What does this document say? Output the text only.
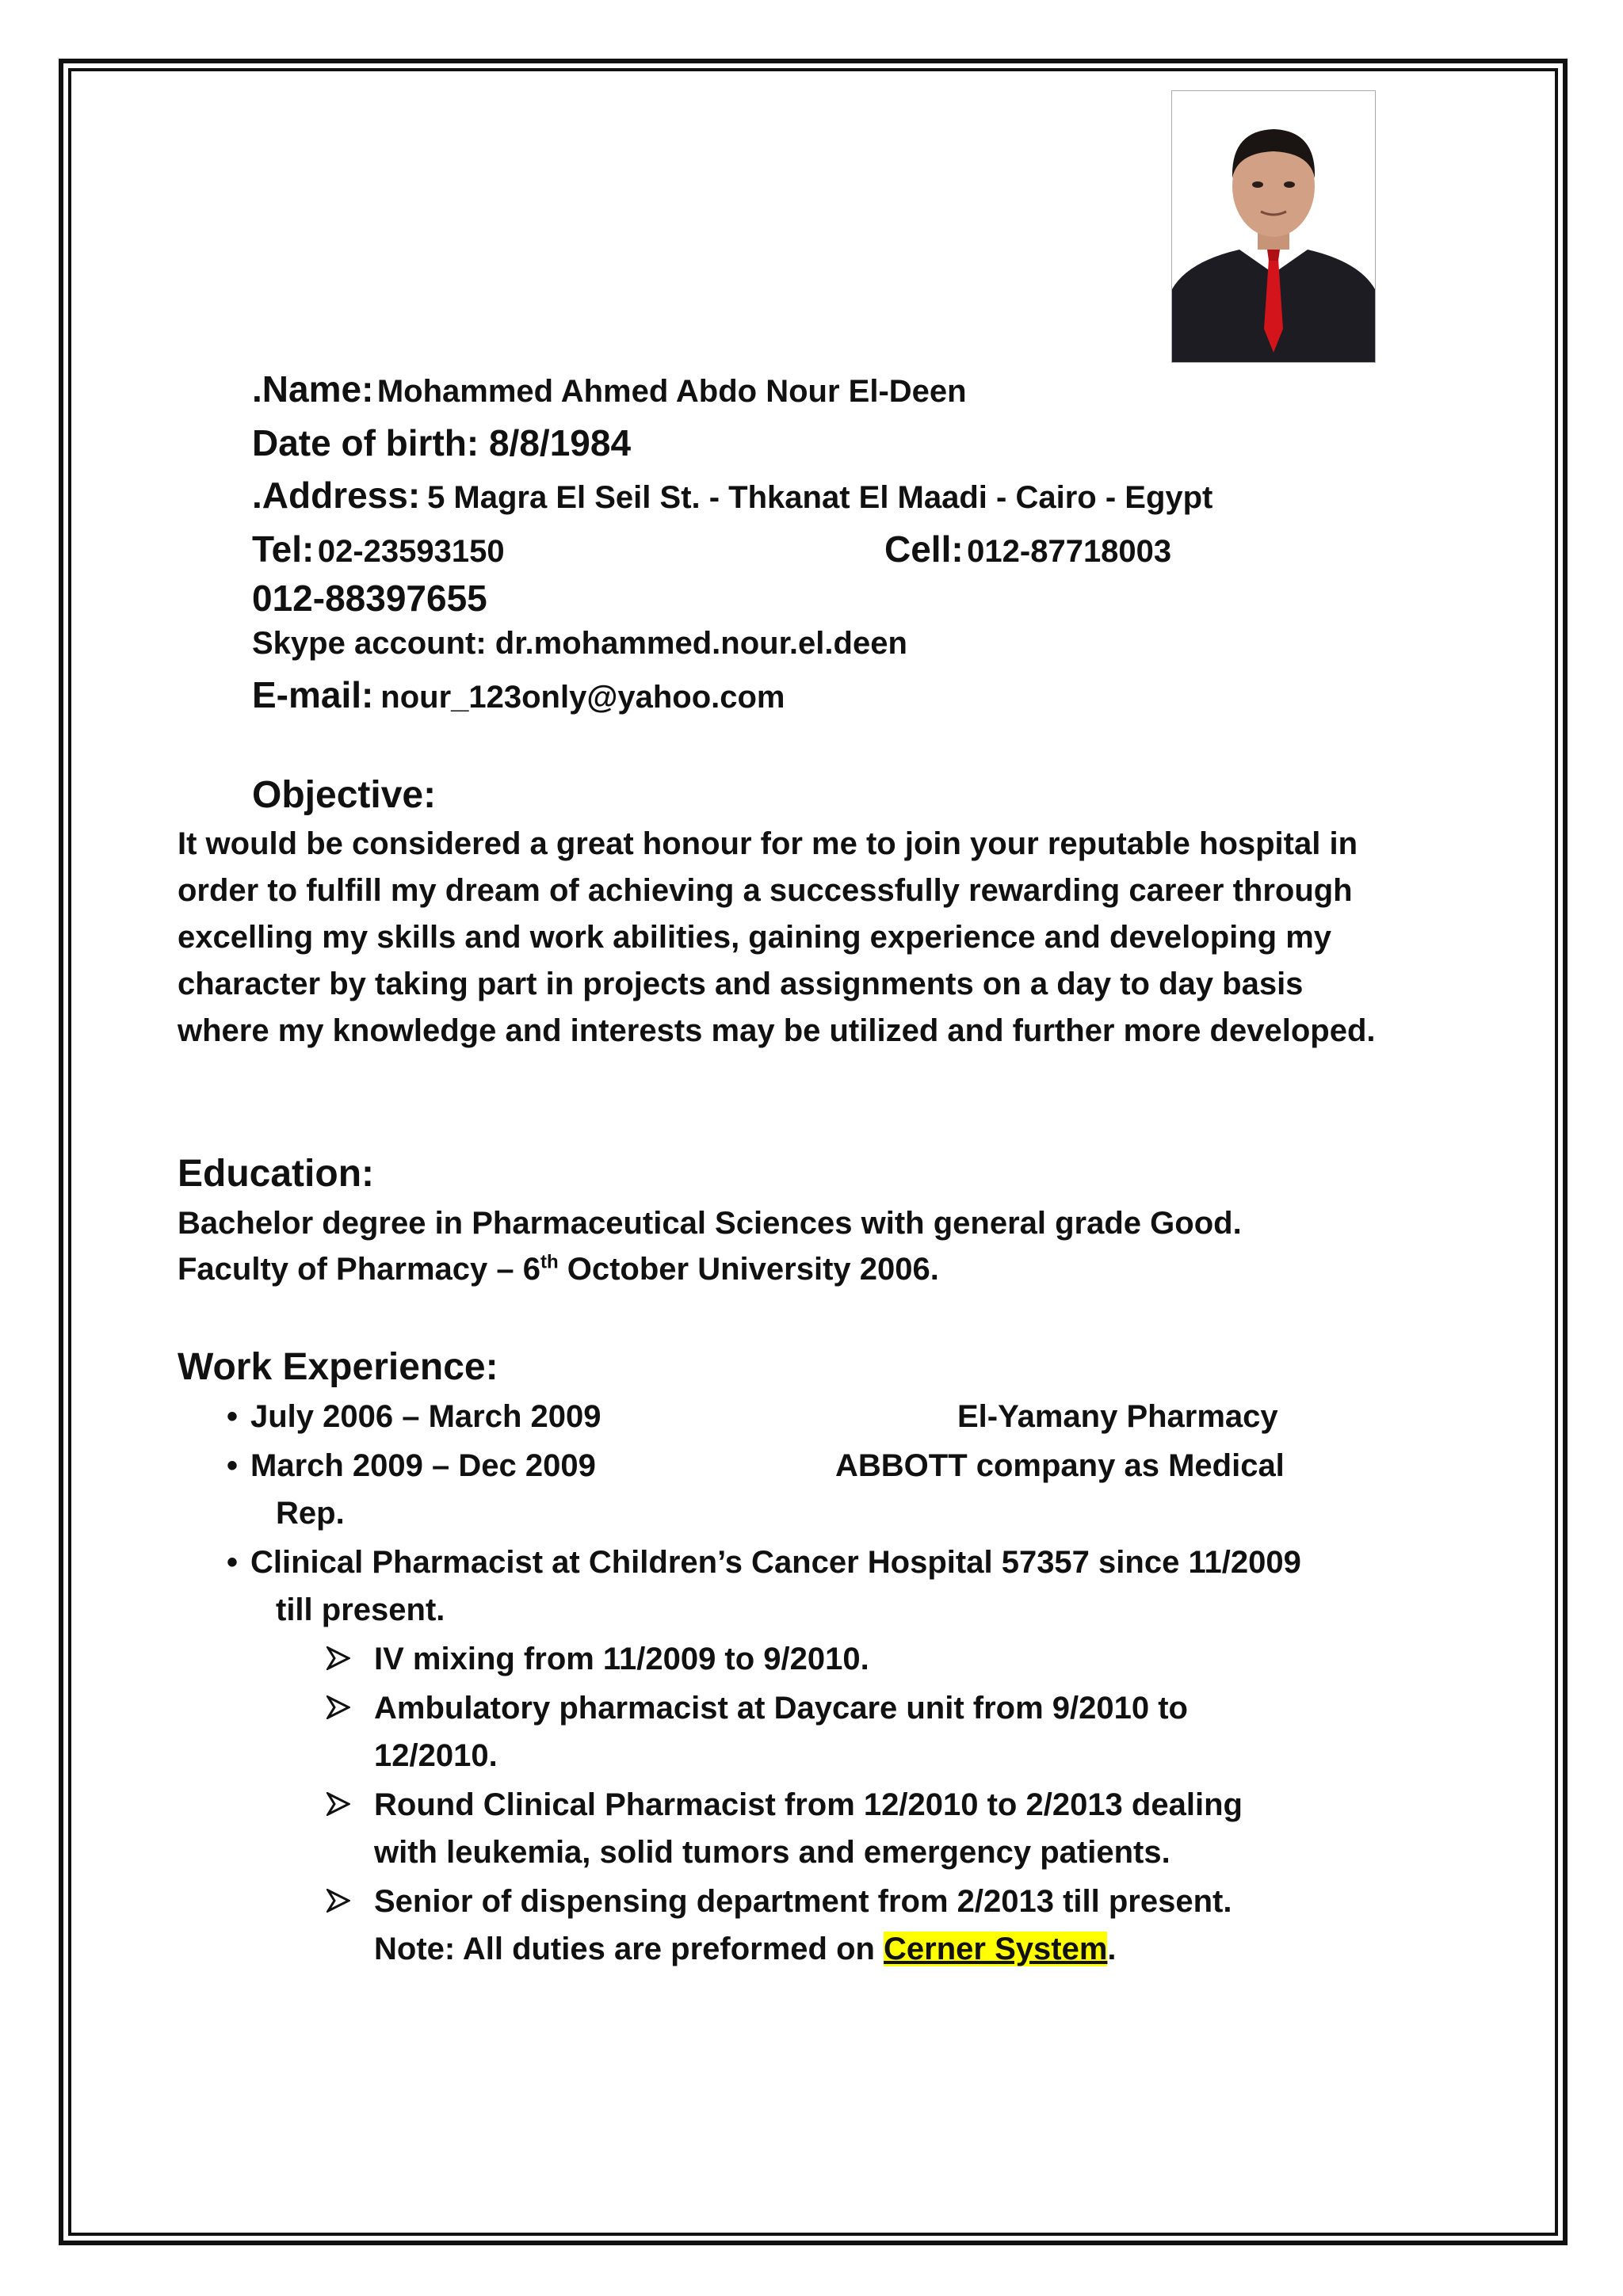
.Name: Mohammed Ahmed Abdo Nour El-Deen
Date of birth: 8/8/1984
.Address: 5 Magra El Seil St. - Thkanat El Maadi - Cairo - Egypt
Tel: 02-23593150	Cell: 012-87718003
012-88397655
Skype account: dr.mohammed.nour.el.deen
E-mail: nour_123only@yahoo.com
Objective:
It would be considered a great honour for me to join your reputable hospital in order to fulfill my dream of achieving a successfully rewarding career through excelling my skills and work abilities, gaining experience and developing my character by taking part in projects and assignments on a day to day basis where my knowledge and interests may be utilized and further more developed.
Education:
Bachelor degree in Pharmaceutical Sciences with general grade Good.
Faculty of Pharmacy – 6th October University 2006.
Work Experience:
• July 2006 – March 2009	El-Yamany Pharmacy
• March 2009 – Dec 2009	ABBOTT company as Medical
Rep.
• Clinical Pharmacist at Children’s Cancer Hospital 57357 since 11/2009
till present.
IV mixing from 11/2009 to 9/2010.
Ambulatory pharmacist at Daycare unit from 9/2010 to
12/2010.
Round Clinical Pharmacist from 12/2010 to 2/2013 dealing
with leukemia, solid tumors and emergency patients.
Senior of dispensing department from 2/2013 till present.
Note: All duties are preformed on Cerner System.
